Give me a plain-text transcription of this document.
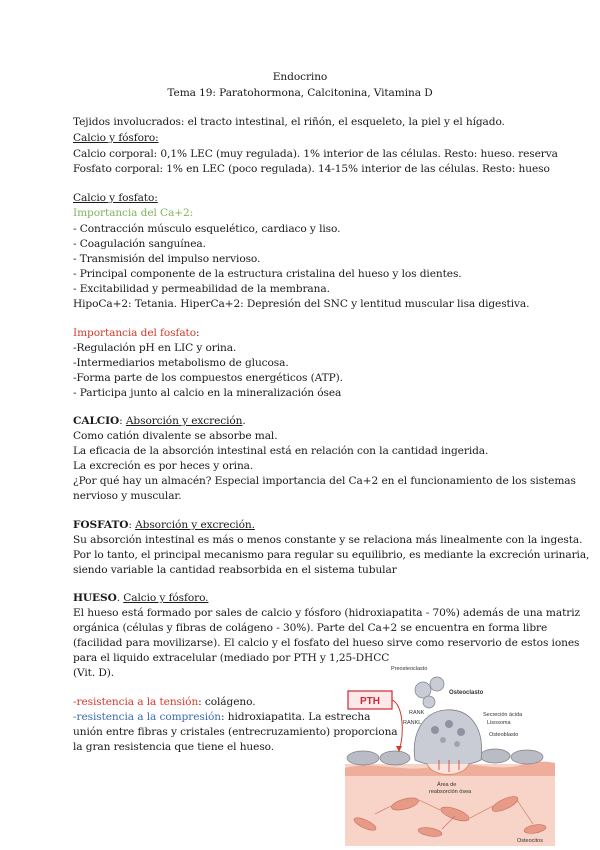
Endocrino
Tema 19: Paratohormona, Calcitonina, Vitamina D
Tejidos involucrados: el tracto intestinal, el riñón, el esqueleto, la piel y el hígado.
Calcio y fósforo:
Calcio corporal: 0,1% LEC (muy regulada). 1% interior de las células. Resto: hueso. reserva
Fosfato corporal: 1% en LEC (poco regulada). 14-15% interior de las células. Resto: hueso
Calcio y fosfato:
Importancia del Ca+2:
- Contracción músculo esquelético, cardiaco y liso.
- Coagulación sanguínea.
- Transmisión del impulso nervioso.
- Principal componente de la estructura cristalina del hueso y los dientes.
- Excitabilidad y permeabilidad de la membrana.
HipoCa+2: Tetania. HiperCa+2: Depresión del SNC y lentitud muscular lisa digestiva.
Importancia del fosfato:
-Regulación pH en LIC y orina.
-Intermediarios metabolismo de glucosa.
-Forma parte de los compuestos energéticos (ATP).
- Participa junto al calcio en la mineralización ósea
CALCIO: Absorción y excreción.
Como catión divalente se absorbe mal.
La eficacia de la absorción intestinal está en relación con la cantidad ingerida.
La excreción es por heces y orina.
¿Por qué hay un almacén? Especial importancia del Ca+2 en el funcionamiento de los sistemas
nervioso y muscular.
FOSFATO: Absorción y excreción.
Su absorción intestinal es más o menos constante y se relaciona más linealmente con la ingesta.
Por lo tanto, el principal mecanismo para regular su equilibrio, es mediante la excreción urinaria,
siendo variable la cantidad reabsorbida en el sistema tubular
HUESO. Calcio y fósforo.
El hueso está formado por sales de calcio y fósforo (hidroxiapatita - 70%) además de una matriz
orgánica (células y fibras de colágeno - 30%). Parte del Ca+2 se encuentra en forma libre
(facilidad para movilizarse). El calcio y el fosfato del hueso sirve como reservorio de estos iones
para el liquido extracelular (mediado por PTH y 1,25-DHCC
(Vit. D).
-resistencia a la tensión: colágeno.
-resistencia a la compresión: hidroxiapatita. La estrecha
unión entre fibras y cristales (entrecruzamiento) proporciona
la gran resistencia que tiene el hueso.
PTH
Preosteoclasto
Osteoclasto
RANK
RANKL
Secreción ácida
Lisosoma
Osteoblasto
Área de
reabsorción ósea
Osteocitos
